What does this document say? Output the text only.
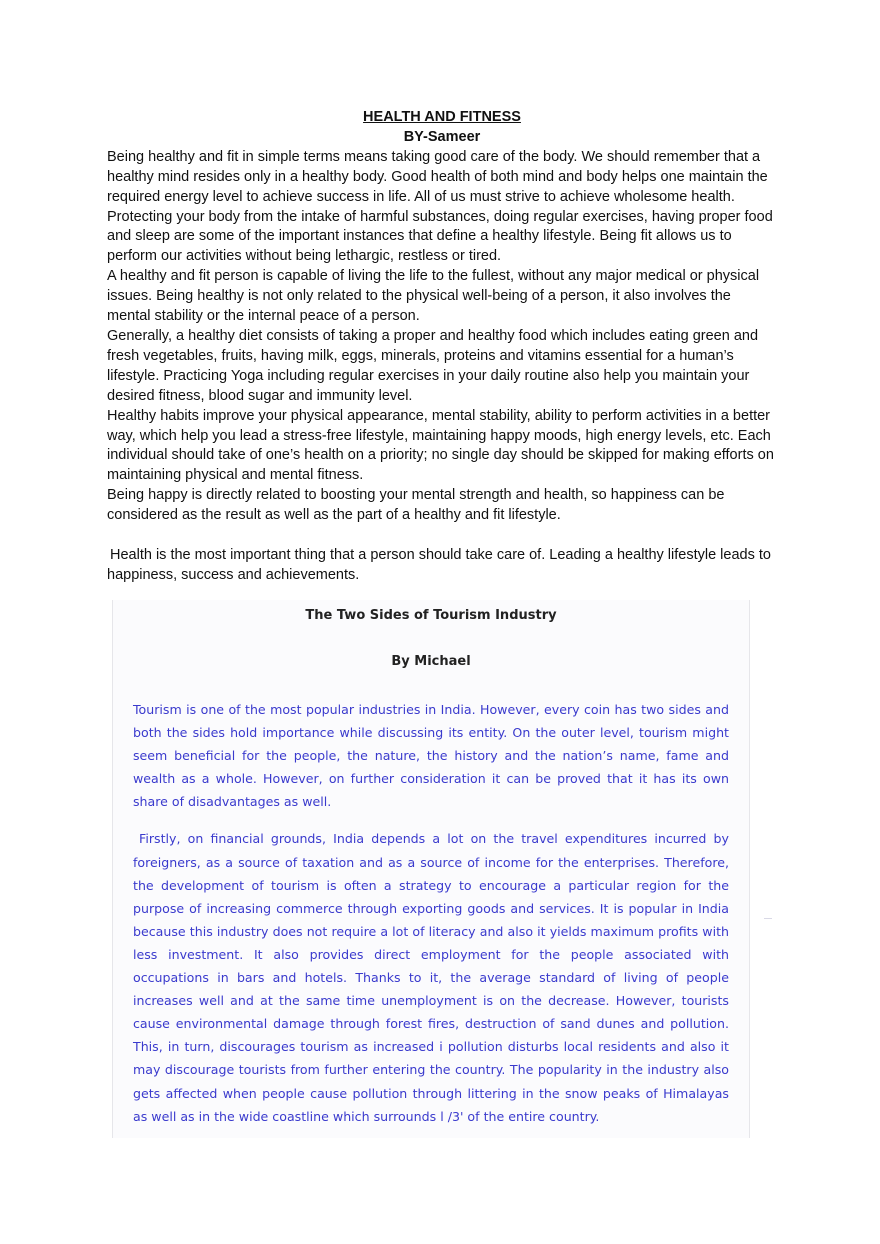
HEALTH AND FITNESS
BY-Sameer

Being healthy and fit in simple terms means taking good care of the body. We should remember that a healthy mind resides only in a healthy body. Good health of both mind and body helps one maintain the required energy level to achieve success in life. All of us must strive to achieve wholesome health.

Protecting your body from the intake of harmful substances, doing regular exercises, having proper food and sleep are some of the important instances that define a healthy lifestyle. Being fit allows us to perform our activities without being lethargic, restless or tired.

A healthy and fit person is capable of living the life to the fullest, without any major medical or physical issues. Being healthy is not only related to the physical well-being of a person, it also involves the mental stability or the internal peace of a person.

Generally, a healthy diet consists of taking a proper and healthy food which includes eating green and fresh vegetables, fruits, having milk, eggs, minerals, proteins and vitamins essential for a human’s lifestyle. Practicing Yoga including regular exercises in your daily routine also help you maintain your desired fitness, blood sugar and immunity level.

Healthy habits improve your physical appearance, mental stability, ability to perform activities in a better way, which help you lead a stress-free lifestyle, maintaining happy moods, high energy levels, etc. Each individual should take of one’s health on a priority; no single day should be skipped for making efforts on maintaining physical and mental fitness.

Being happy is directly related to boosting your mental strength and health, so happiness can be considered as the result as well as the part of a healthy and fit lifestyle.

Health is the most important thing that a person should take care of. Leading a healthy lifestyle leads to happiness, success and achievements.

The Two Sides of Tourism Industry
By Michael

Tourism is one of the most popular industries in India. However, every coin has two sides and both the sides hold importance while discussing its entity. On the outer level, tourism might seem beneficial for the people, the nature, the history and the nation’s name, fame and wealth as a whole. However, on further consideration it can be proved that it has its own share of disadvantages as well.

Firstly, on financial grounds, India depends a lot on the travel expenditures incurred by foreigners, as a source of taxation and as a source of income for the enterprises. Therefore, the development of tourism is often a strategy to encourage a particular region for the purpose of increasing commerce through exporting goods and services. It is popular in India because this industry does not require a lot of literacy and also it yields maximum profits with less investment. It also provides direct employment for the people associated with occupations in bars and hotels. Thanks to it, the average standard of living of people increases well and at the same time unemployment is on the decrease. However, tourists cause environmental damage through forest fires, destruction of sand dunes and pollution. This, in turn, discourages tourism as increased i pollution disturbs local residents and also it may discourage tourists from further entering the country. The popularity in the industry also gets affected when people cause pollution through littering in the snow peaks of Himalayas as well as in the wide coastline which surrounds l /3' of the entire country.
